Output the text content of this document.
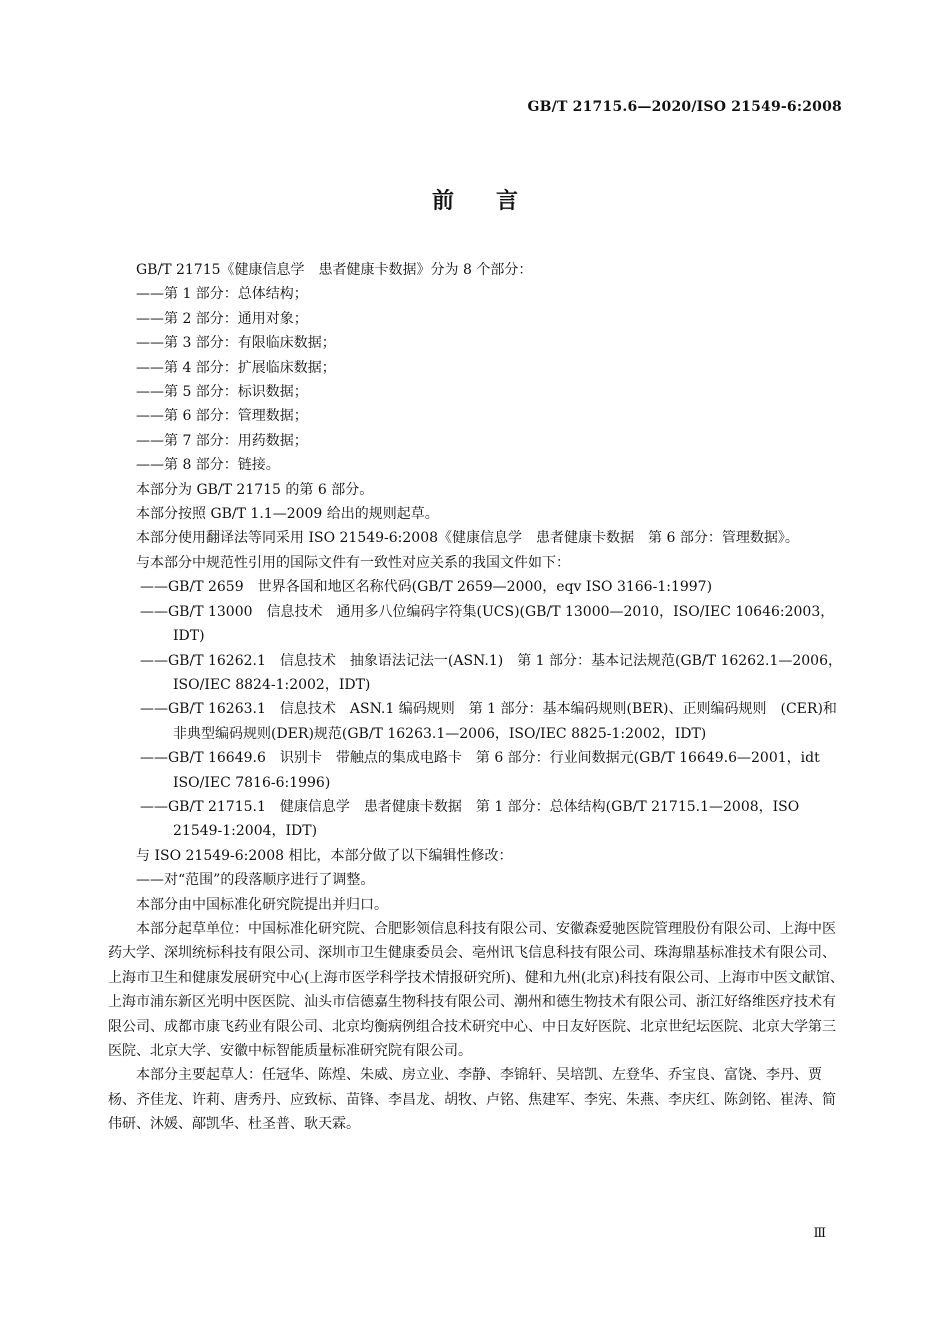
GB/T 21715.6—2020/ISO 21549-6:2008
前言

GB/T 21715《健康信息学　患者健康卡数据》分为 8 个部分：

——第 1 部分：总体结构；

——第 2 部分：通用对象；

——第 3 部分：有限临床数据；

——第 4 部分：扩展临床数据；

——第 5 部分：标识数据；

——第 6 部分：管理数据；

——第 7 部分：用药数据；

——第 8 部分：链接。

本部分为 GB/T 21715 的第 6 部分。

本部分按照 GB/T 1.1—2009 给出的规则起草。

本部分使用翻译法等同采用 ISO 21549-6:2008《健康信息学　患者健康卡数据　第 6 部分：管理数据》。

与本部分中规范性引用的国际文件有一致性对应关系的我国文件如下：

——GB/T 2659　世界各国和地区名称代码(GB/T 2659—2000，eqv ISO 3166-1:1997)

——GB/T 13000　信息技术　通用多八位编码字符集(UCS)(GB/T 13000—2010，ISO/IEC 10646:2003，IDT)

——GB/T 16262.1　信息技术　抽象语法记法一(ASN.1)　第 1 部分：基本记法规范(GB/T 16262.1—2006，ISO/IEC 8824-1:2002，IDT)

——GB/T 16263.1　信息技术　ASN.1 编码规则　第 1 部分：基本编码规则(BER)、正则编码规则　(CER)和非典型编码规则(DER)规范(GB/T 16263.1—2006，ISO/IEC 8825-1:2002，IDT)

——GB/T 16649.6　识别卡　带触点的集成电路卡　第 6 部分：行业间数据元(GB/T 16649.6—2001，idt ISO/IEC 7816-6:1996)

——GB/T 21715.1　健康信息学　患者健康卡数据　第 1 部分：总体结构(GB/T 21715.1—2008，ISO 21549-1:2004，IDT)

与 ISO 21549-6:2008 相比，本部分做了以下编辑性修改：

——对“范围”的段落顺序进行了调整。

本部分由中国标准化研究院提出并归口。

本部分起草单位：中国标准化研究院、合肥影领信息科技有限公司、安徽森爱驰医院管理股份有限公司、上海中医药大学、深圳统标科技有限公司、深圳市卫生健康委员会、亳州讯飞信息科技有限公司、珠海鼎基标准技术有限公司、上海市卫生和健康发展研究中心(上海市医学科学技术情报研究所)、健和九州(北京)科技有限公司、上海市中医文献馆、上海市浦东新区光明中医医院、汕头市信德嘉生物科技有限公司、潮州和德生物技术有限公司、浙江好络维医疗技术有限公司、成都市康飞药业有限公司、北京均衡病例组合技术研究中心、中日友好医院、北京世纪坛医院、北京大学第三医院、北京大学、安徽中标智能质量标准研究院有限公司。

本部分主要起草人：任冠华、陈煌、朱威、房立业、李静、李锦轩、吴培凯、左登华、乔宝良、富饶、李丹、贾杨、齐佳龙、许莉、唐秀丹、应致标、苗锋、李昌龙、胡牧、卢铭、焦建军、李宪、朱燕、李庆红、陈剑铭、崔涛、简伟研、沐媛、鄗凯华、杜圣普、耿天霖。

Ⅲ
